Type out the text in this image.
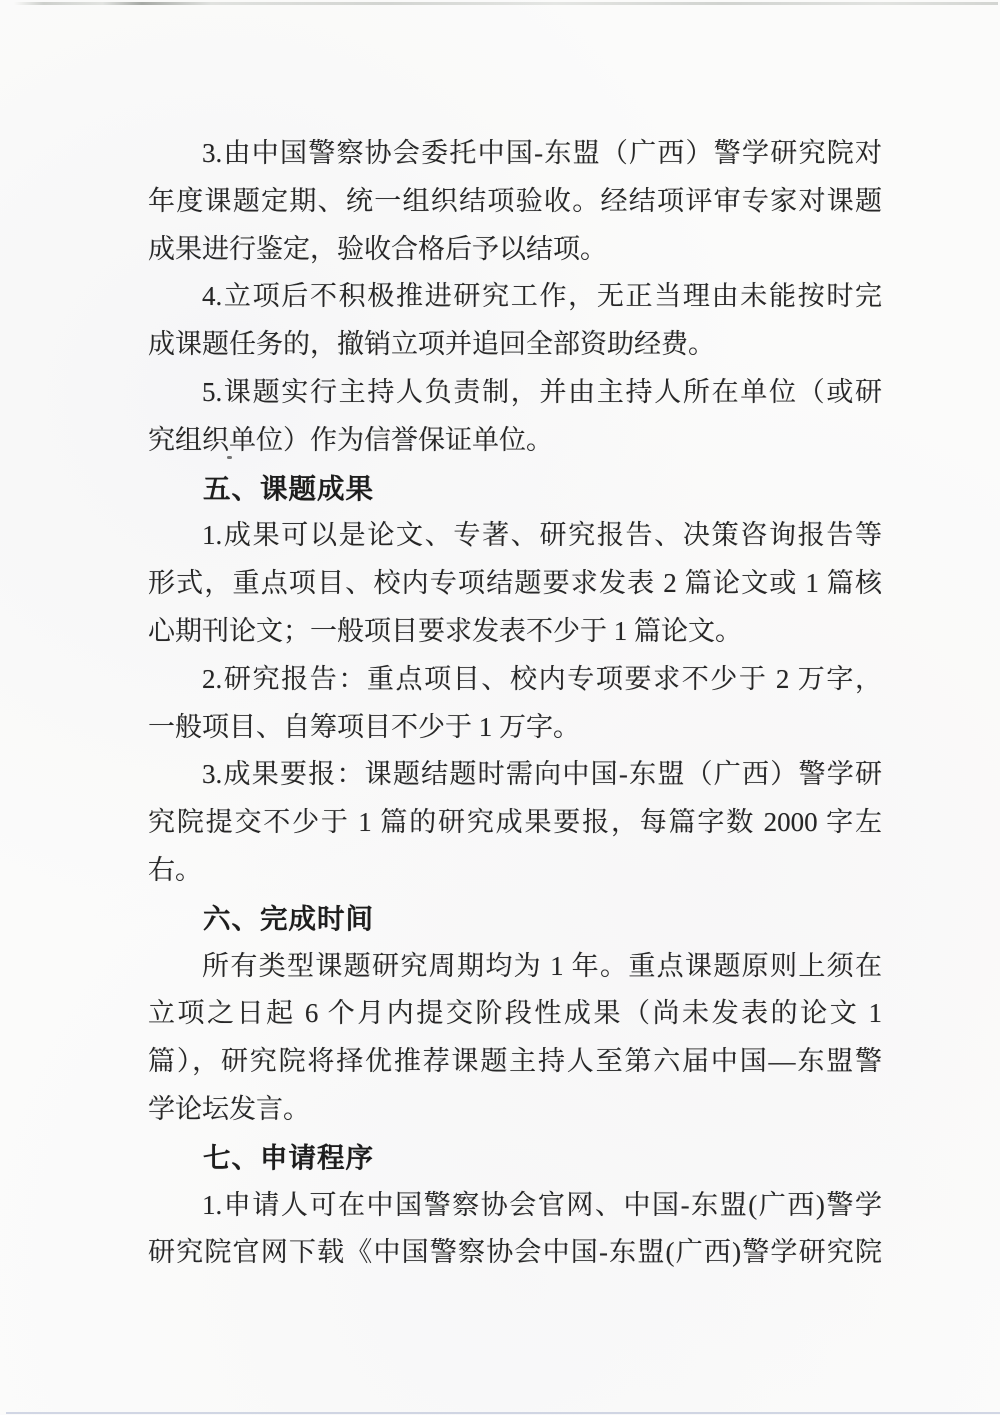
3.由中国警察协会委托中国-东盟（广西）警学研究院对
年度课题定期、统一组织结项验收。经结项评审专家对课题
成果进行鉴定，验收合格后予以结项。
4.立项后不积极推进研究工作，无正当理由未能按时完
成课题任务的，撤销立项并追回全部资助经费。
5.课题实行主持人负责制，并由主持人所在单位（或研
究组织单位）作为信誉保证单位。
五、课题成果
1.成果可以是论文、专著、研究报告、决策咨询报告等
形式，重点项目、校内专项结题要求发表 2 篇论文或 1 篇核
心期刊论文；一般项目要求发表不少于 1 篇论文。
2.研究报告：重点项目、校内专项要求不少于 2 万字，
一般项目、自筹项目不少于 1 万字。
3.成果要报：课题结题时需向中国-东盟（广西）警学研
究院提交不少于 1 篇的研究成果要报，每篇字数 2000 字左
右。
六、完成时间
所有类型课题研究周期均为 1 年。重点课题原则上须在
立项之日起 6 个月内提交阶段性成果（尚未发表的论文 1
篇），研究院将择优推荐课题主持人至第六届中国—东盟警
学论坛发言。
七、申请程序
1.申请人可在中国警察协会官网、中国-东盟(广西)警学
研究院官网下载《中国警察协会中国-东盟(广西)警学研究院
